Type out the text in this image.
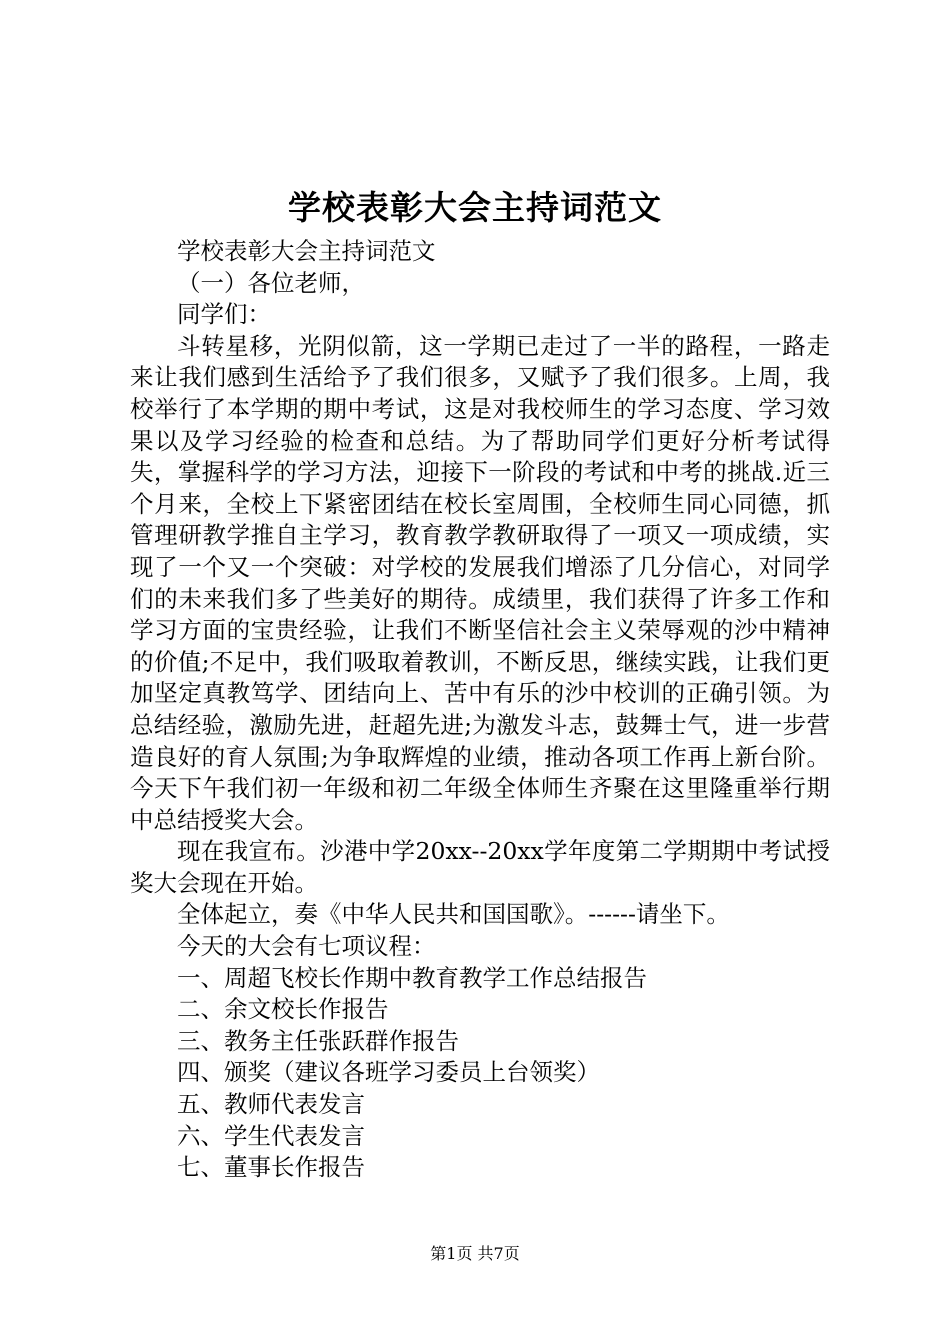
学校表彰大会主持词范文

学校表彰大会主持词范文

（一）各位老师，

同学们：

斗转星移，光阴似箭，这一学期已走过了一半的路程，一路走来让我们感到生活给予了我们很多，又赋予了我们很多。上周，我校举行了本学期的期中考试，这是对我校师生的学习态度、学习效果以及学习经验的检查和总结。为了帮助同学们更好分析考试得失，掌握科学的学习方法，迎接下一阶段的考试和中考的挑战.近三个月来，全校上下紧密团结在校长室周围，全校师生同心同德，抓管理研教学推自主学习，教育教学教研取得了一项又一项成绩，实现了一个又一个突破：对学校的发展我们增添了几分信心，对同学们的未来我们多了些美好的期待。成绩里，我们获得了许多工作和学习方面的宝贵经验，让我们不断坚信社会主义荣辱观的沙中精神的价值;不足中，我们吸取着教训，不断反思，继续实践，让我们更加坚定真教笃学、团结向上、苦中有乐的沙中校训的正确引领。为总结经验，激励先进，赶超先进;为激发斗志，鼓舞士气，进一步营造良好的育人氛围;为争取辉煌的业绩，推动各项工作再上新台阶。今天下午我们初一年级和初二年级全体师生齐聚在这里隆重举行期中总结授奖大会。

现在我宣布。沙港中学20xx--20xx学年度第二学期期中考试授奖大会现在开始。

全体起立，奏《中华人民共和国国歌》。------请坐下。

今天的大会有七项议程：

一、周超飞校长作期中教育教学工作总结报告

二、余文校长作报告

三、教务主任张跃群作报告

四、颁奖（建议各班学习委员上台领奖）

五、教师代表发言

六、学生代表发言

七、董事长作报告

第1页 共7页
